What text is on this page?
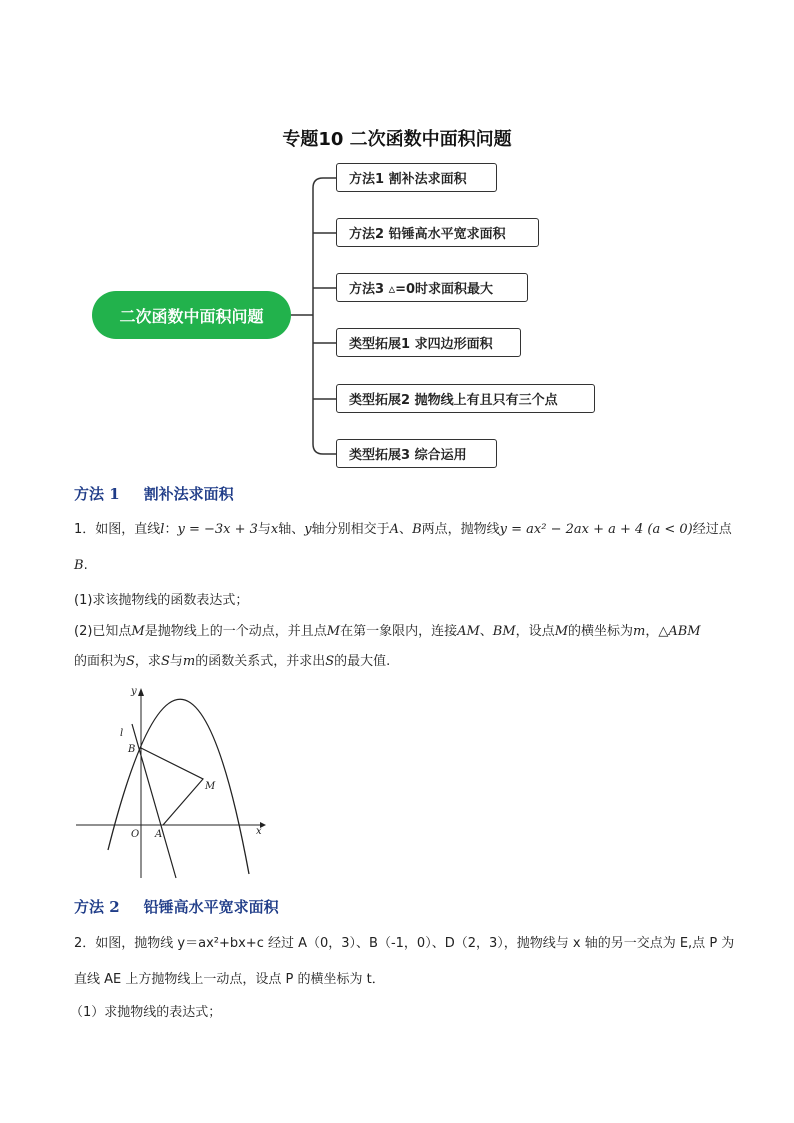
专题10 二次函数中面积问题
二次函数中面积问题
方法1 割补法求面积
方法2 铅锤高水平宽求面积
方法3 ▵=0时求面积最大
类型拓展1 求四边形面积
类型拓展2 抛物线上有且只有三个点
类型拓展3 综合运用
方法 1 割补法求面积
1．如图，直线l：y = −3x + 3与x轴、y轴分别相交于A、B两点，抛物线y = ax² − 2ax + a + 4 (a < 0)经过点
B.
(1)求该抛物线的函数表达式；
(2)已知点M是抛物线上的一个动点，并且点M在第一象限内，连接AM、BM，设点M的横坐标为m，△ABM
的面积为S，求S与m的函数关系式，并求出S的最大值.
y
l
B
M
O A	x
方法 2 铅锤高水平宽求面积
2．如图，抛物线 y＝ax²+bx+c 经过 A（0，3）、B（-1，0）、D（2，3），抛物线与 x 轴的另一交点为 E,点 P 为
直线 AE 上方抛物线上一动点，设点 P 的横坐标为 t．
（1）求抛物线的表达式；
